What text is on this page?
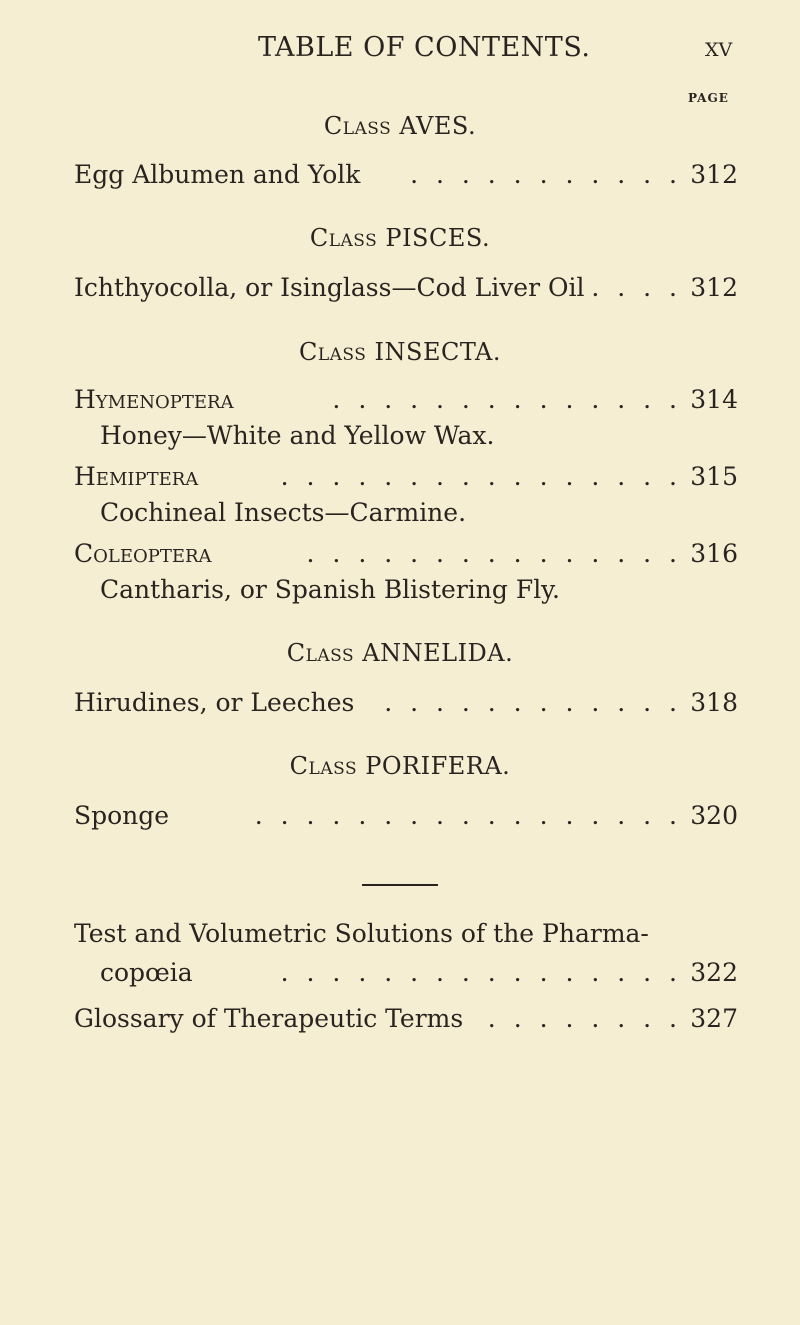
TABLE OF CONTENTS.	xv
PAGE
Class AVES.
Egg Albumen and Yolk . . . . . . . . . . . 312
Class PISCES.
Ichthyocolla, or Isinglass—Cod Liver Oil . . . . 312
Class INSECTA.
Hymenoptera	. . . . . . . . . . . . . . 314
Honey—White and Yellow Wax.
Hemiptera	. . . . . . . . . . . . . . . . 315
Cochineal Insects—Carmine.
Coleoptera	. . . . . . . . . . . . . . . 316
Cantharis, or Spanish Blistering Fly.
Class ANNELIDA.
Hirudines, or Leeches . . . . . . . . . . . . 318
Class PORIFERA.
Sponge	. . . . . . . . . . . . . . . . . 320
Test and Volumetric Solutions of the Pharma-
copœia	. . . . . . . . . . . . . . . . 322
Glossary of Therapeutic Terms . . . . . . . . 327
